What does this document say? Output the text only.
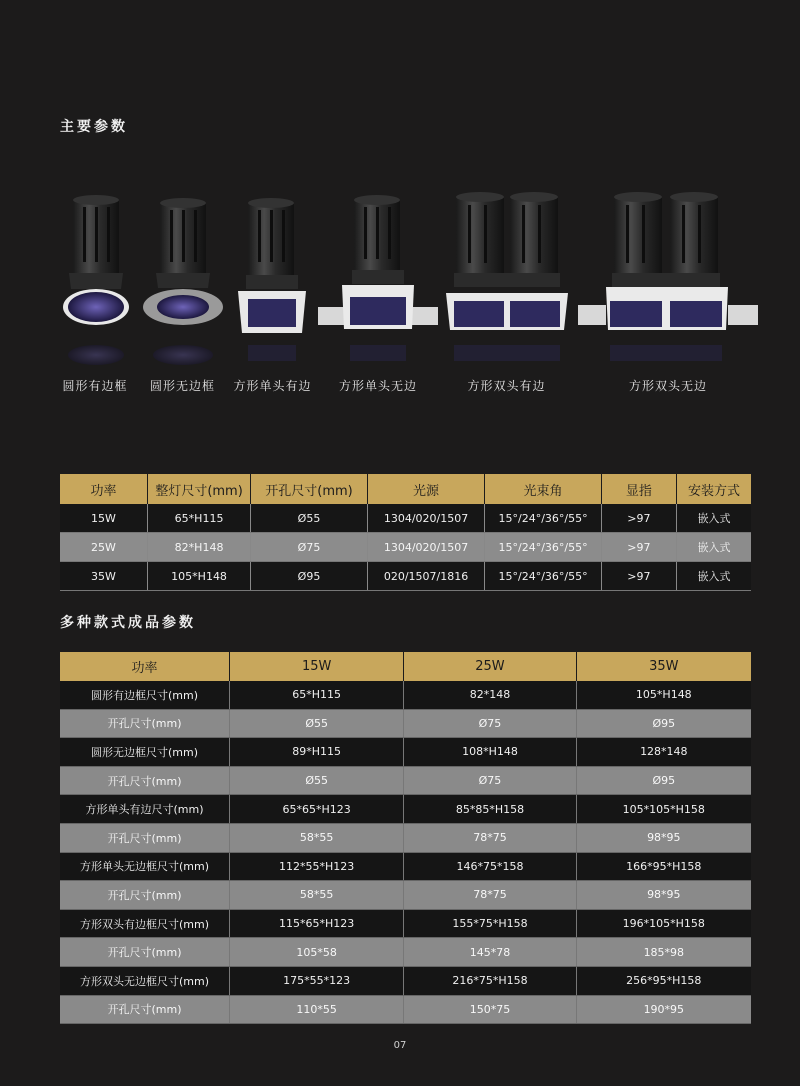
主要参数
圆形有边框 圆形无边框 方形单头有边 方形单头无边	方形双头有边	方形双头无边
功率	整灯尺寸(mm)	开孔尺寸(mm)	光源	光束角	显指	安装方式
15W	65*H115	Ø55	1304/020/1507	15°/24°/36°/55°	>97	嵌入式
25W	82*H148	Ø75	1304/020/1507	15°/24°/36°/55°	>97	嵌入式
35W	105*H148	Ø95	020/1507/1816	15°/24°/36°/55°	>97	嵌入式
多种款式成品参数
功率	15W	25W	35W
圆形有边框尺寸(mm)	65*H115	82*148	105*H148
开孔尺寸(mm)	Ø55	Ø75	Ø95
圆形无边框尺寸(mm)	89*H115	108*H148	128*148
开孔尺寸(mm)	Ø55	Ø75	Ø95
方形单头有边尺寸(mm)	65*65*H123	85*85*H158	105*105*H158
开孔尺寸(mm)	58*55	78*75	98*95
方形单头无边框尺寸(mm)	112*55*H123	146*75*158	166*95*H158
开孔尺寸(mm)	58*55	78*75	98*95
方形双头有边框尺寸(mm)	115*65*H123	155*75*H158	196*105*H158
开孔尺寸(mm)	105*58	145*78	185*98
方形双头无边框尺寸(mm)	175*55*123	216*75*H158	256*95*H158
开孔尺寸(mm)	110*55	150*75	190*95
07
